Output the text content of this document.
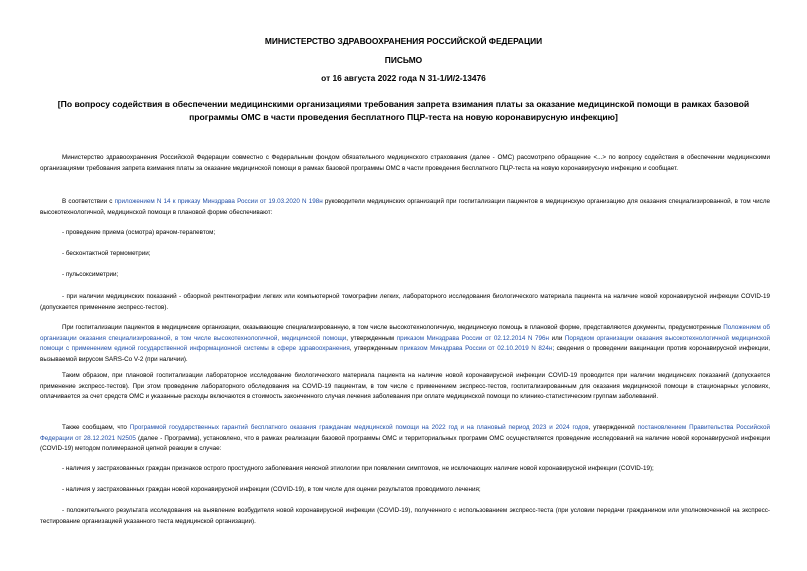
МИНИСТЕРСТВО ЗДРАВООХРАНЕНИЯ РОССИЙСКОЙ ФЕДЕРАЦИИ
ПИСЬМО
от 16 августа 2022 года N 31-1/И/2-13476
[По вопросу содействия в обеспечении медицинскими организациями требования запрета взимания платы за оказание медицинской помощи в рамках базовой программы ОМС в части проведения бесплатного ПЦР-теста на новую коронавирусную инфекцию]
Министерство здравоохранения Российской Федерации совместно с Федеральным фондом обязательного медицинского страхования (далее - ОМС) рассмотрело обращение <...> по вопросу содействия в обеспечении медицинскими организациями требования запрета взимания платы за оказание медицинской помощи в рамках базовой программы ОМС в части проведения бесплатного ПЦР-теста на новую коронавирусную инфекцию и сообщает.
В соответствии с приложением N 14 к приказу Минздрава России от 19.03.2020 N 198н руководители медицинских организаций при госпитализации пациентов в медицинскую организацию для оказания специализированной, в том числе высокотехнологичной, медицинской помощи в плановой форме обеспечивают:
- проведение приема (осмотра) врачом-терапевтом;
- бесконтактной термометрии;
- пульсоксиметрии;
- при наличии медицинских показаний - обзорной рентгенографии легких или компьютерной томографии легких, лабораторного исследования биологического материала пациента на наличие новой коронавирусной инфекции COVID-19 (допускается применение экспресс-тестов).
При госпитализации пациентов в медицинские организации, оказывающие специализированную, в том числе высокотехнологичную, медицинскую помощь в плановой форме, представляются документы, предусмотренные Положением об организации оказания специализированной, в том числе высокотехнологичной, медицинской помощи, утвержденным приказом Минздрава России от 02.12.2014 N 796н или Порядком организации оказания высокотехнологичной медицинской помощи с применением единой государственной информационной системы в сфере здравоохранения, утвержденным приказом Минздрава России от 02.10.2019 N 824н; сведения о проведении вакцинации против коронавирусной инфекции, вызываемой вирусом SARS-Co V-2 (при наличии).
Таким образом, при плановой госпитализации лабораторное исследование биологического материала пациента на наличие новой коронавирусной инфекции COVID-19 проводится при наличии медицинских показаний (допускается применение экспресс-тестов). При этом проведение лабораторного обследования на COVID-19 пациентам, в том числе с применением экспресс-тестов, госпитализированным для оказания медицинской помощи в стационарных условиях, оплачивается за счет средств ОМС и указанные расходы включаются в стоимость законченного случая лечения заболевания при оплате медицинской помощи по клинико-статистическим группам заболеваний.
Также сообщаем, что Программой государственных гарантий бесплатного оказания гражданам медицинской помощи на 2022 год и на плановый период 2023 и 2024 годов, утвержденной постановлением Правительства Российской Федерации от 28.12.2021 N2505 (далее - Программа), установлено, что в рамках реализации базовой программы ОМС и территориальных программ ОМС осуществляется проведение исследований на наличие новой коронавирусной инфекции (COVID-19) методом полимеразной цепной реакции в случае:
- наличия у застрахованных граждан признаков острого простудного заболевания неясной этиологии при появлении симптомов, не исключающих наличие новой коронавирусной инфекции (COVID-19);
- наличия у застрахованных граждан новой коронавирусной инфекции (COVID-19), в том числе для оценки результатов проводимого лечения;
- положительного результата исследования на выявление возбудителя новой коронавирусной инфекции (COVID-19), полученного с использованием экспресс-теста (при условии передачи гражданином или уполномоченной на экспресс-тестирование организацией указанного теста медицинской организации).
